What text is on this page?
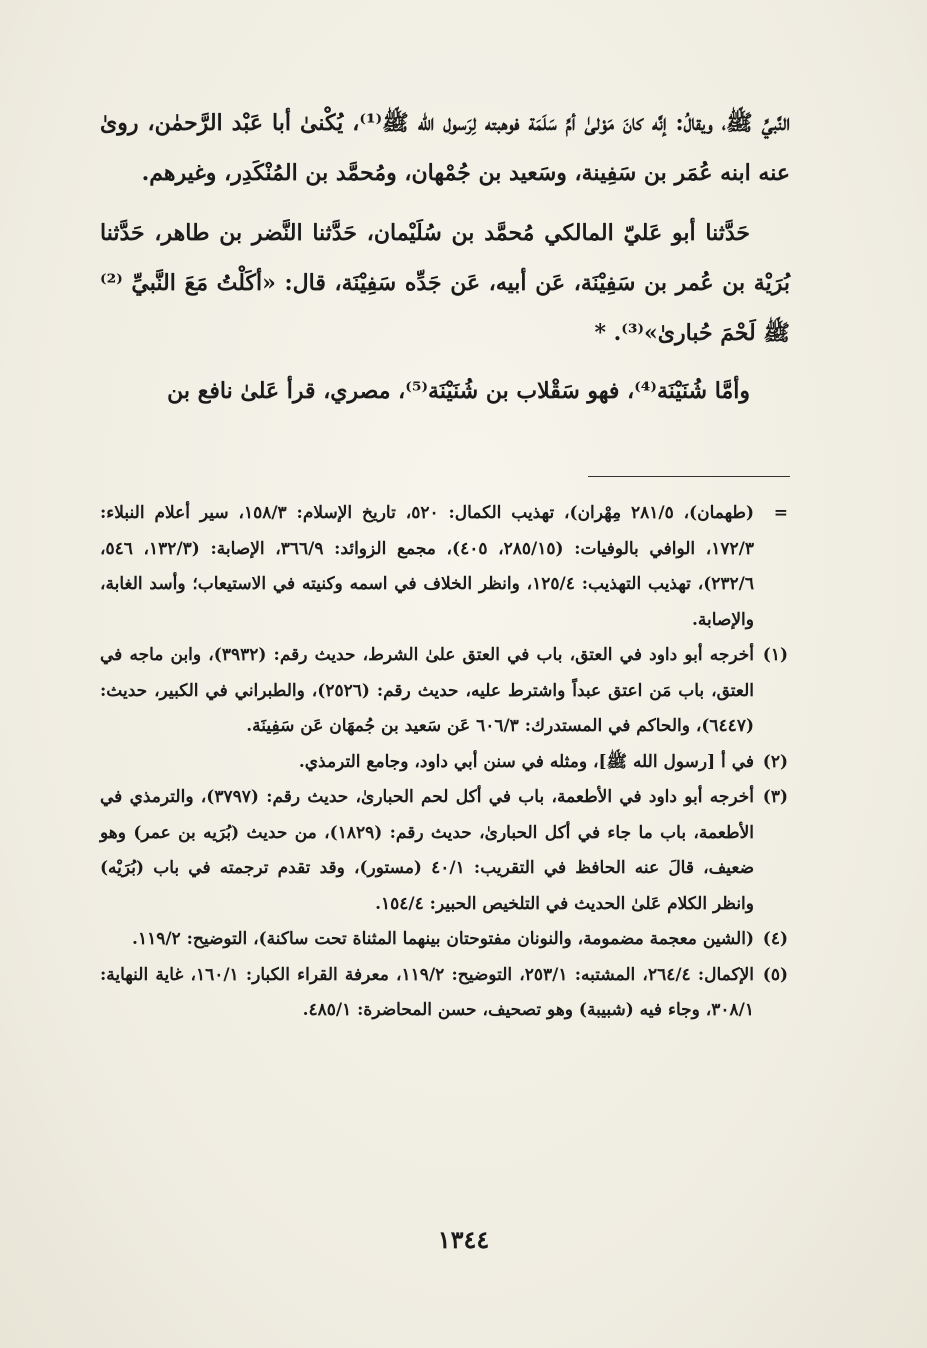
النَّبيِّ ﷺ، ويقالُ: إنَّه كانَ مَوْلىٰ أمِّ سَلَمَة فوهبته لِرَسول الله ﷺ⁽¹⁾، يُكْنىٰ أبا عَبْد الرَّحمٰن، روىٰ عنه ابنه عُمَر بن سَفِينة، وسَعيد بن جُمْهان، ومُحمَّد بن المُنْكَدِر، وغيرهم.

حَدَّثنا أبو عَليّ المالكي مُحمَّد بن سُلَيْمان، حَدَّثنا النَّضر بن طاهر، حَدَّثنا بُرَيْة بن عُمر بن سَفِيْنَة، عَن أبيه، عَن جَدِّه سَفِيْنَة، قال: «أكَلْتُ مَعَ النَّبيِّ ⁽²⁾ ﷺ لَحْمَ حُبارىٰ»⁽³⁾. *

وأمَّا شُنَيْنَة⁽⁴⁾، فهو سَقْلاب بن شُنَيْنَة⁽⁵⁾، مصري، قرأ عَلىٰ نافع بن

=
(طهمان)، ٢٨١/٥ مِهْران)، تهذيب الكمال: ٥٢٠، تاريخ الإسلام: ١٥٨/٣، سير أعلام النبلاء: ١٧٢/٣، الوافي بالوفيات: (٢٨٥/١٥، ٤٠٥)، مجمع الزوائد: ٣٦٦/٩، الإصابة: (١٣٢/٣، ٥٤٦، ٢٣٢/٦)، تهذيب التهذيب: ١٢٥/٤، وانظر الخلاف في اسمه وكنيته في الاستيعاب؛ وأسد الغابة، والإصابة.

(١)
أخرجه أبو داود في العتق، باب في العتق علىٰ الشرط، حديث رقم: (٣٩٣٢)، وابن ماجه في العتق، باب مَن اعتق عبداً واشترط عليه، حديث رقم: (٢٥٢٦)، والطبراني في الكبير، حديث: (٦٤٤٧)، والحاكم في المستدرك: ٦٠٦/٣ عَن سَعيد بن جُمهَان عَن سَفِينَة.

(٢)
في أ [رسول الله ﷺ]، ومثله في سنن أبي داود، وجامع الترمذي.

(٣)
أخرجه أبو داود في الأطعمة، باب في أكل لحم الحبارىٰ، حديث رقم: (٣٧٩٧)، والترمذي في الأطعمة، باب ما جاء في أكل الحبارىٰ، حديث رقم: (١٨٢٩)، من حديث (بُرَيه بن عمر) وهو ضعيف، قالَ عنه الحافظ في التقريب: ٤٠/١ (مستور)، وقد تقدم ترجمته في باب (بُرَيْه) وانظر الكلام عَلىٰ الحديث في التلخيص الحبير: ١٥٤/٤.

(٤)
(الشين معجمة مضمومة، والنونان مفتوحتان بينهما المثناة تحت ساكنة)، التوضيح: ١١٩/٢.

(٥)
الإكمال: ٢٦٤/٤، المشتبه: ٢٥٣/١، التوضيح: ١١٩/٢، معرفة القراء الكبار: ١٦٠/١، غاية النهاية: ٣٠٨/١، وجاء فيه (شبيبة) وهو تصحيف، حسن المحاضرة: ٤٨٥/١.

١٣٤٤
